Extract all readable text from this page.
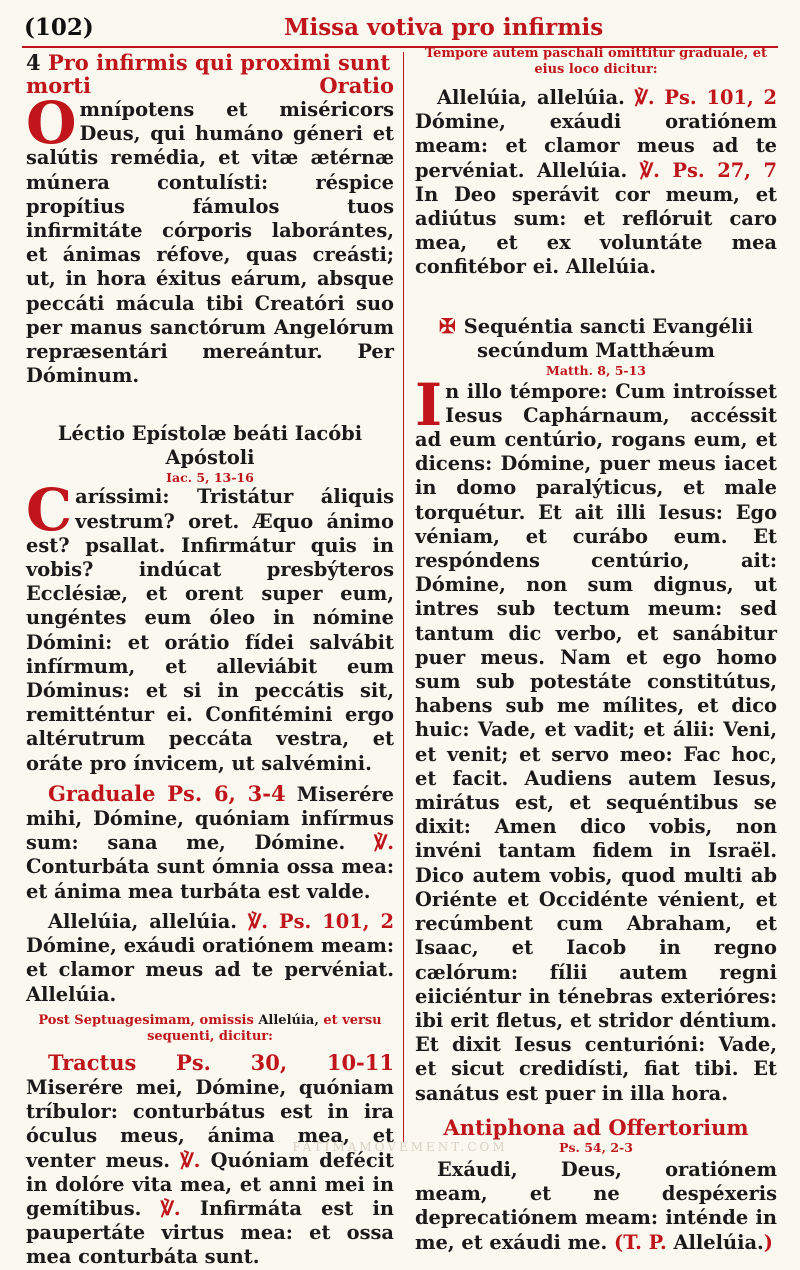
(102)	Missa votiva pro infirmis
4 Pro infirmis qui proximi sunt
morti	Oratio

Omnípotens et miséricors Deus, qui humáno géneri et salútis remédia, et vitæ ætérnæ múnera contulísti: réspice propítius fámulos tuos infirmitáte córporis laborántes, et ánimas réfove, quas creásti; ut, in hora éxitus eárum, absque peccáti mácula tibi Creatóri suo per manus sanctórum Angelórum repræsentári mereántur. Per Dóminum.

Léctio Epístolæ beáti Iacóbi
Apóstoli
Iac. 5, 13-16

Caríssimi: Tristátur áliquis vestrum? oret. Æquo ánimo est? psallat. Infirmátur quis in vobis? indúcat presbýteros Ecclésiæ, et orent super eum, ungéntes eum óleo in nómine Dómini: et orátio fídei salvábit infírmum, et alleviábit eum Dóminus: et si in peccátis sit, remitténtur ei. Confitémini ergo altérutrum peccáta vestra, et oráte pro ínvicem, ut salvémini.

Graduale Ps. 6, 3-4 Miserére mihi, Dómine, quóniam infírmus sum: sana me, Dómine. ℣. Conturbáta sunt ómnia ossa mea: et ánima mea turbáta est valde.

Allelúia, allelúia. ℣. Ps. 101, 2 Dómine, exáudi oratiónem meam: et clamor meus ad te pervéniat. Allelúia.

Post Septuagesimam, omissis Allelúia, et versu sequenti, dicitur:

Tractus Ps. 30, 10-11 Miserére mei, Dómine, quóniam tríbulor: conturbátus est in ira óculus meus, ánima mea, et venter meus. ℣. Quóniam defécit in dolóre vita mea, et anni mei in gemítibus. ℣. Infirmáta est in paupertáte virtus mea: et ossa mea conturbáta sunt.

Tempore autem paschali omittitur graduale, et eius loco dicitur:

Allelúia, allelúia. ℣. Ps. 101, 2 Dómine, exáudi oratiónem meam: et clamor meus ad te pervéniat. Allelúia. ℣. Ps. 27, 7 In Deo sperávit cor meum, et adiútus sum: et reflóruit caro mea, et ex voluntáte mea confitébor ei. Allelúia.

✠ Sequéntia sancti Evangélii
secúndum Matthǽum
Matth. 8, 5-13

In illo témpore: Cum introísset Iesus Caphárnaum, accéssit ad eum centúrio, rogans eum, et dicens: Dómine, puer meus iacet in domo paralýticus, et male torquétur. Et ait illi Iesus: Ego véniam, et curábo eum. Et respóndens centúrio, ait: Dómine, non sum dignus, ut intres sub tectum meum: sed tantum dic verbo, et sanábitur puer meus. Nam et ego homo sum sub potestáte constitútus, habens sub me mílites, et dico huic: Vade, et vadit; et álii: Veni, et venit; et servo meo: Fac hoc, et facit. Audiens autem Iesus, mirátus est, et sequéntibus se dixit: Amen dico vobis, non invéni tantam fidem in Israël. Dico autem vobis, quod multi ab Oriénte et Occidénte vénient, et recúmbent cum Abraham, et Isaac, et Iacob in regno cælórum: fílii autem regni eiiciéntur in ténebras exterióres: ibi erit fletus, et stridor déntium. Et dixit Iesus centurióni: Vade, et sicut credidísti, fiat tibi. Et sanátus est puer in illa hora.

Antiphona ad Offertorium
Ps. 54, 2-3

Exáudi, Deus, oratiónem meam, et ne despéxeris deprecatiónem meam: inténde in me, et exáudi me. (T. P. Allelúia.)

FATIMAMOVEMENT.COM
